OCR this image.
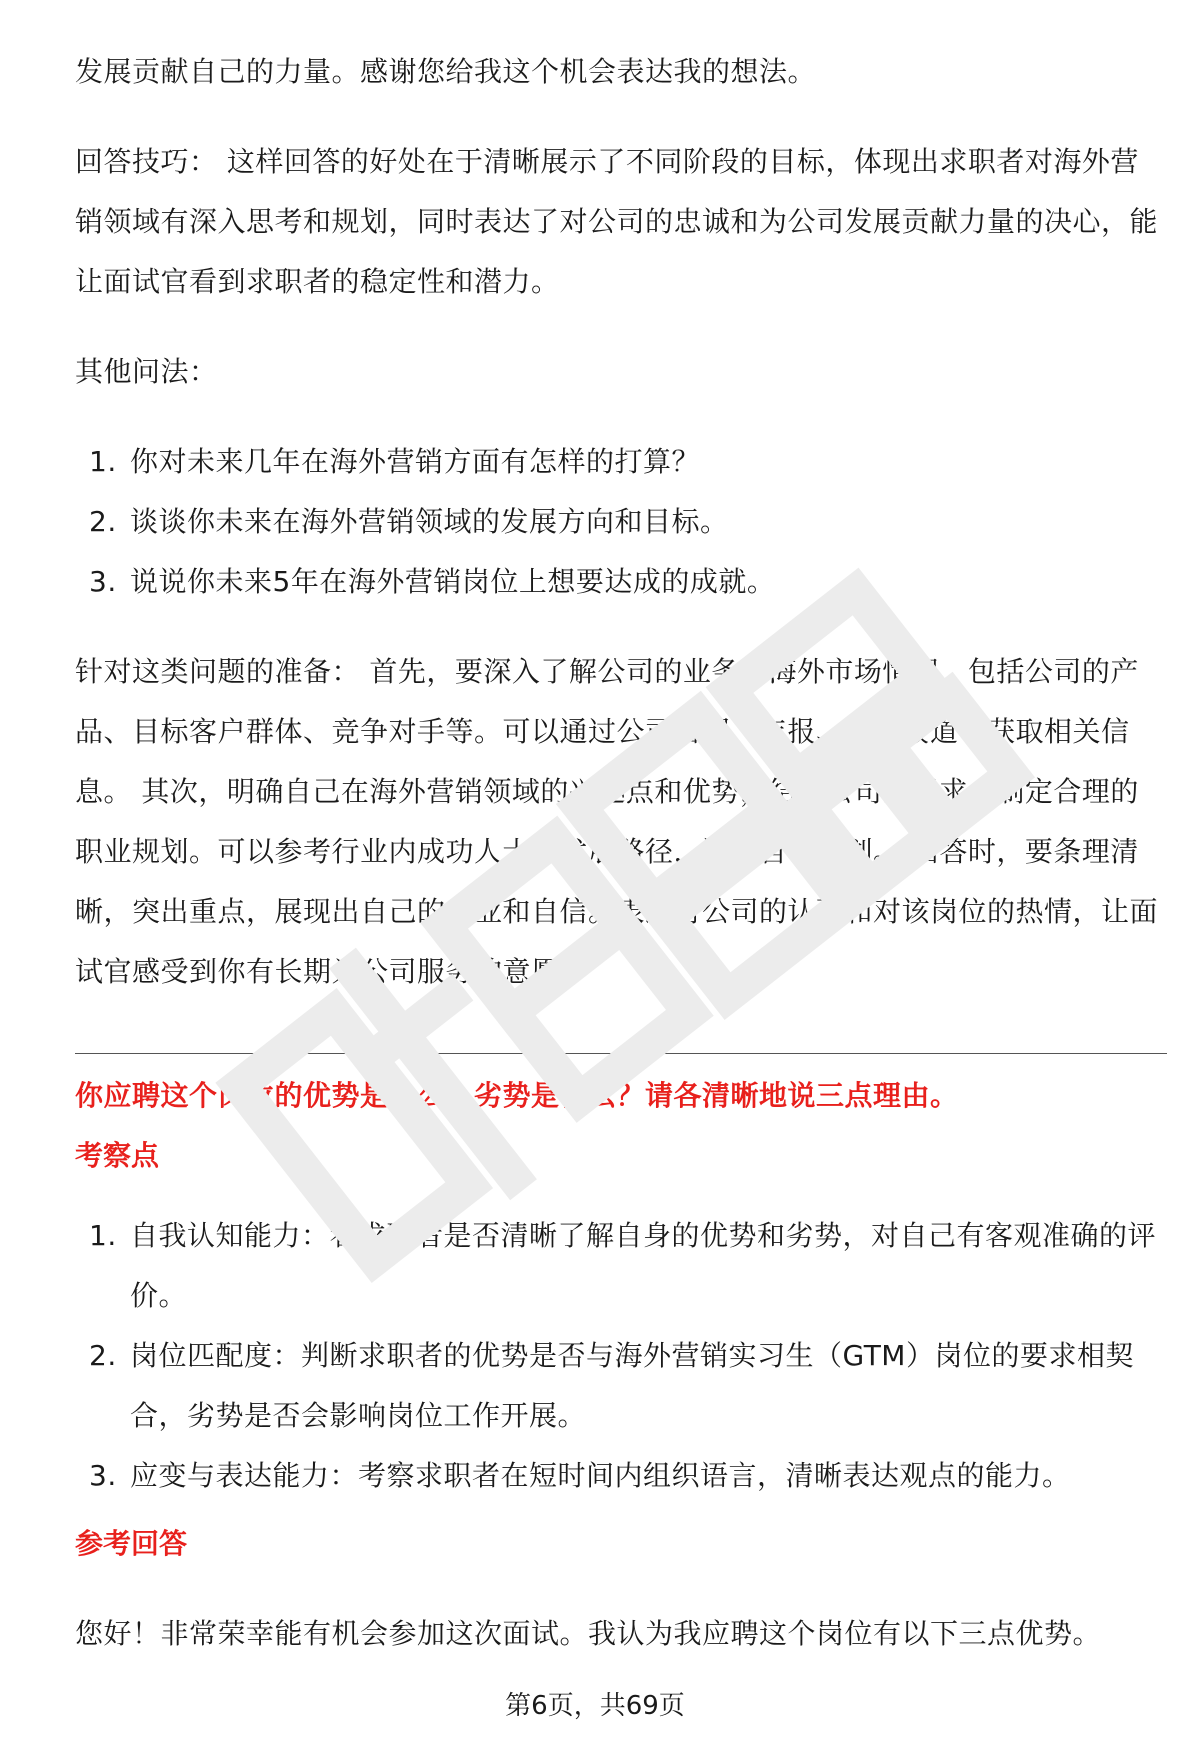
发展贡献自己的力量。感谢您给我这个机会表达我的想法。

回答技巧： 这样回答的好处在于清晰展示了不同阶段的目标，体现出求职者对海外营销领域有深入思考和规划，同时表达了对公司的忠诚和为公司发展贡献力量的决心，能让面试官看到求职者的稳定性和潜力。

其他问法：

1. 你对未来几年在海外营销方面有怎样的打算？
2. 谈谈你未来在海外营销领域的发展方向和目标。
3. 说说你未来5年在海外营销岗位上想要达成的成就。

针对这类问题的准备： 首先，要深入了解公司的业务和海外市场情况，包括公司的产品、目标客户群体、竞争对手等。可以通过公司官网、年报、新闻报道等获取相关信息。 其次，明确自己在海外营销领域的兴趣点和优势，结合公司的需求，制定合理的职业规划。可以参考行业内成功人士的发展路径，进行自我规划。 回答时，要条理清晰，突出重点，展现出自己的专业和自信。表达对公司的认可和对该岗位的热情，让面试官感受到你有长期为公司服务的意愿。

你应聘这个岗位的优势是什么？劣势是什么？请各清晰地说三点理由。
考察点
1. 自我认知能力：看求职者是否清晰了解自身的优势和劣势，对自己有客观准确的评价。
2. 岗位匹配度：判断求职者的优势是否与海外营销实习生（GTM）岗位的要求相契合，劣势是否会影响岗位工作开展。
3. 应变与表达能力：考察求职者在短时间内组织语言，清晰表达观点的能力。
参考回答

您好！非常荣幸能有机会参加这次面试。我认为我应聘这个岗位有以下三点优势。

第6页，共69页
